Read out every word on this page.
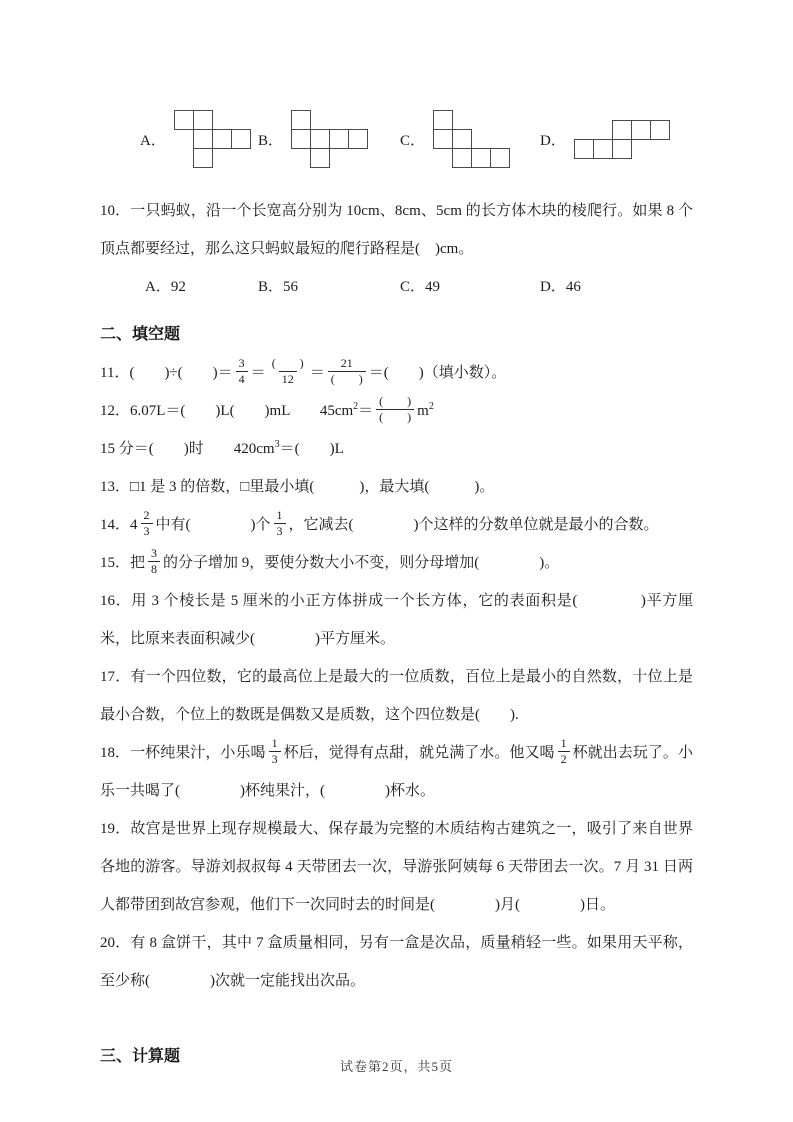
A．	B．	C．	D．
10．一只蚂蚁，沿一个长宽高分别为 10cm、8cm、5cm 的长方体木块的棱爬行。如果 8 个顶点都要经过，那么这只蚂蚁最短的爬行路程是(　)cm。
A．92	B．56	C．49	D．46
二、填空题
11．(　　)÷(　　)＝ $\frac{3}{4} = \frac{( )}{12} = \frac{21}{( )}$ ＝(　　)（填小数）。
12．6.07L＝(　　)L(　　)mL　　$45cm^2= \frac{( )}{( )} m^2$
15 分＝(　　)时　　$420cm^3=$(　　)L
13．□1 是 3 的倍数，□里最小填(　　　)，最大填(　　　)。
14．$4 \frac{2}{3}$ 中有(　　　　)个 $\frac{1}{3}$ ，它减去(　　　　)个这样的分数单位就是最小的合数。
15．把 $\frac{3}{8}$ 的分子增加 9，要使分数大小不变，则分母增加(　　　　)。
16．用 3 个棱长是 5 厘米的小正方体拼成一个长方体，它的表面积是(　　　　)平方厘米，比原来表面积减少(　　　　)平方厘米。
17．有一个四位数，它的最高位上是最大的一位质数，百位上是最小的自然数，十位上是最小合数，个位上的数既是偶数又是质数，这个四位数是(　　).
18．一杯纯果汁，小乐喝 $\frac{1}{3}$ 杯后，觉得有点甜，就兑满了水。他又喝 $\frac{1}{2}$ 杯就出去玩了。小乐一共喝了(　　　　)杯纯果汁，(　　　　)杯水。
19．故宫是世界上现存规模最大、保存最为完整的木质结构古建筑之一，吸引了来自世界各地的游客。导游刘叔叔每 4 天带团去一次，导游张阿姨每 6 天带团去一次。7 月 31 日两人都带团到故宫参观，他们下一次同时去的时间是(　　　　)月(　　　　)日。
20．有 8 盒饼干，其中 7 盒质量相同，另有一盒是次品，质量稍轻一些。如果用天平称，至少称(　　　　)次就一定能找出次品。
三、计算题
试卷第2页，共5页
